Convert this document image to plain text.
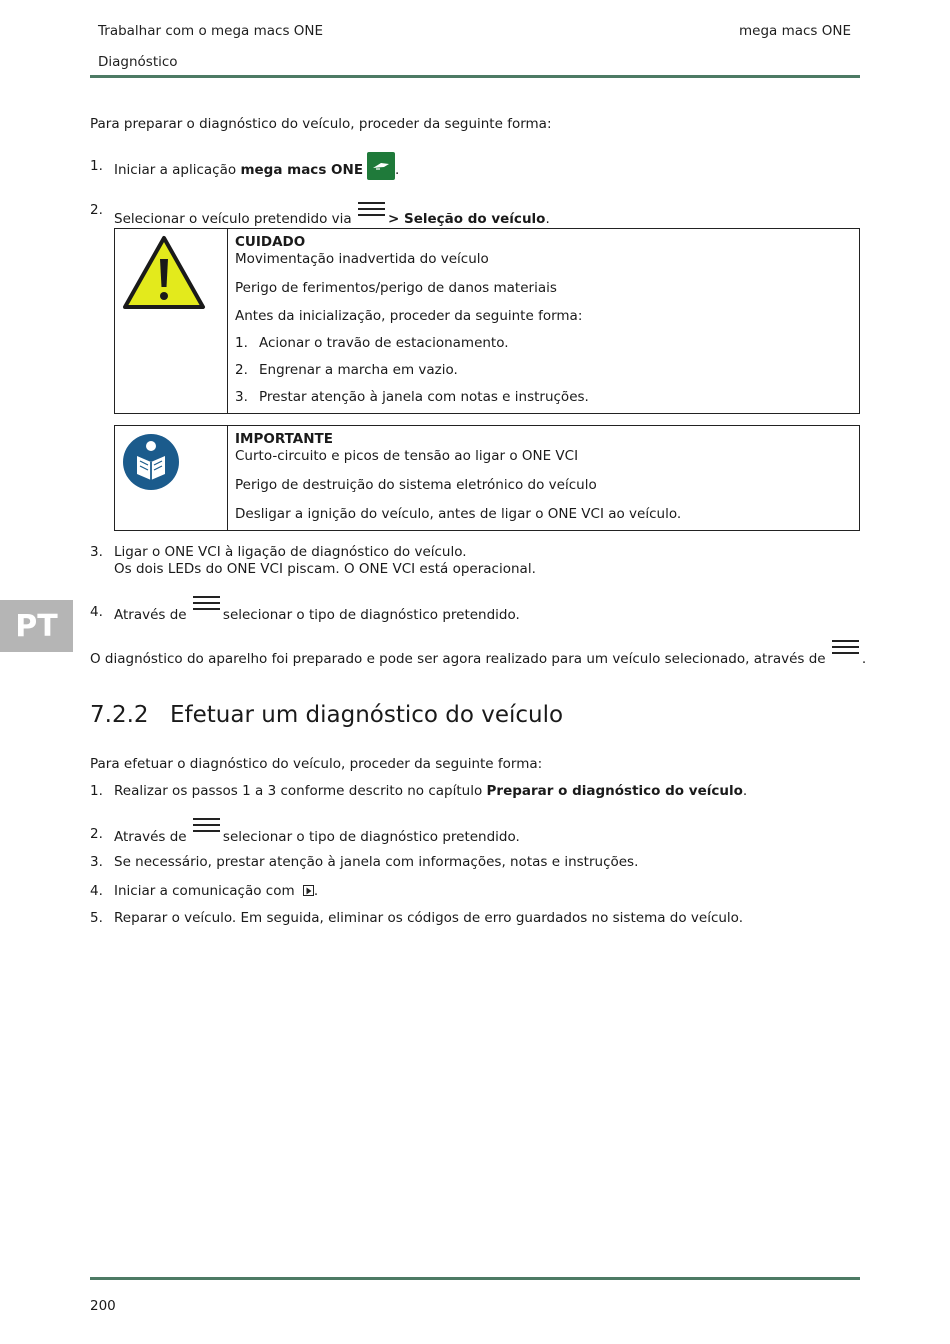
Trabalhar com o mega macs ONE	mega macs ONE
Diagnóstico
PT
Para preparar o diagnóstico do veículo, proceder da seguinte forma:
1. Iniciar a aplicação mega macs ONE .
2.
Selecionar o veículo pretendido via
> Seleção do veículo.
CUIDADO
Movimentação inadvertida do veículo
Perigo de ferimentos/perigo de danos materiais
Antes da inicialização, proceder da seguinte forma:
1. Acionar o travão de estacionamento.
2. Engrenar a marcha em vazio.
3. Prestar atenção à janela com notas e instruções.
IMPORTANTE
Curto-circuito e picos de tensão ao ligar o ONE VCI
Perigo de destruição do sistema eletrónico do veículo
Desligar a ignição do veículo, antes de ligar o ONE VCI ao veículo.
3. Ligar o ONE VCI à ligação de diagnóstico do veículo.
Os dois LEDs do ONE VCI piscam. O ONE VCI está operacional.
4. Através de
selecionar o tipo de diagnóstico pretendido.
O diagnóstico do aparelho foi preparado e pode ser agora realizado para um veículo selecionado, através de
.
7.2.2 Efetuar um diagnóstico do veículo
Para efetuar o diagnóstico do veículo, proceder da seguinte forma:
1. Realizar os passos 1 a 3 conforme descrito no capítulo Preparar o diagnóstico do veículo.
2. Através de
selecionar o tipo de diagnóstico pretendido.
3. Se necessário, prestar atenção à janela com informações, notas e instruções.
4. Iniciar a comunicação com
.
5. Reparar o veículo. Em seguida, eliminar os códigos de erro guardados no sistema do veículo.
200
